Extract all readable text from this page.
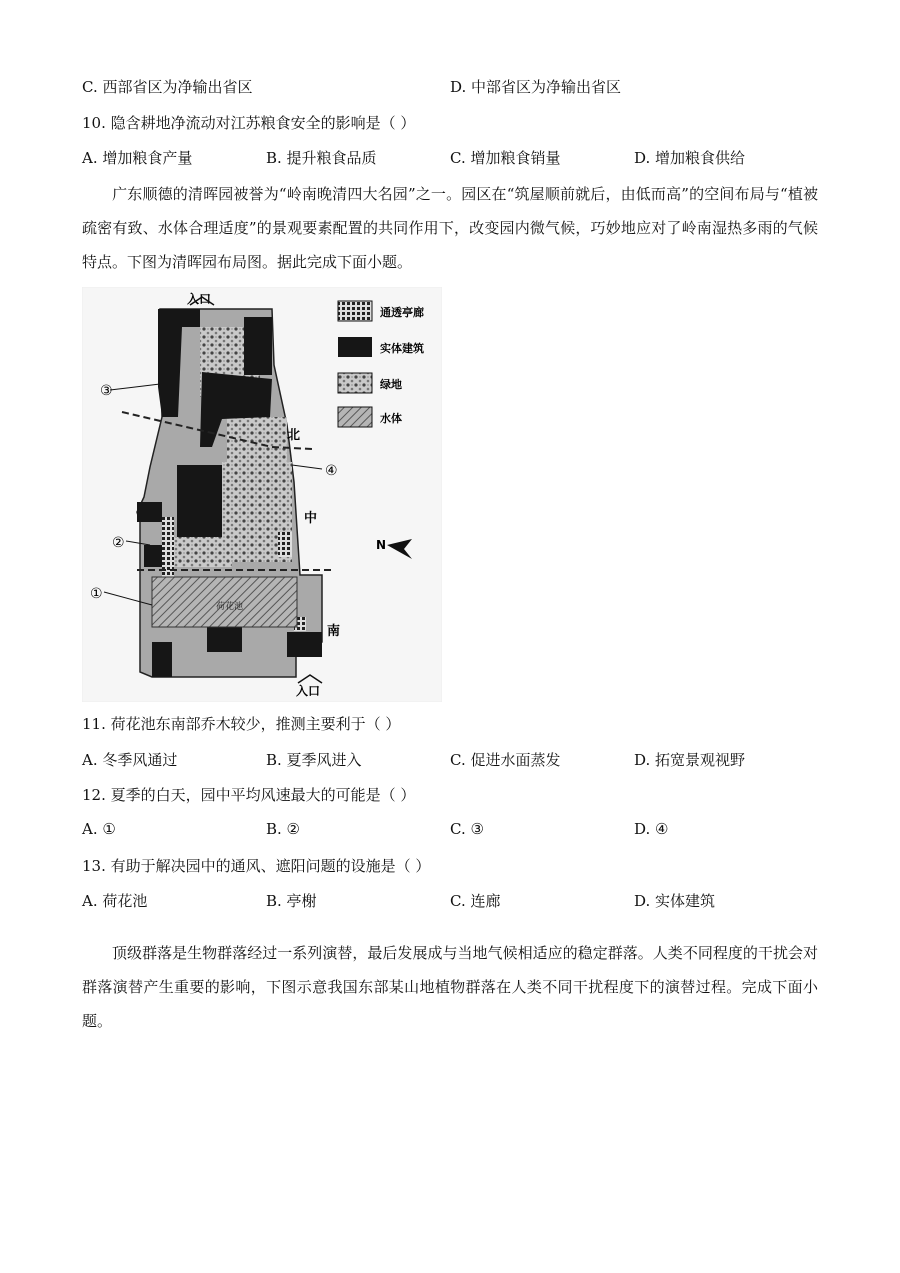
C. 西部省区为净输出省区	D. 中部省区为净输出省区
10. 隐含耕地净流动对江苏粮食安全的影响是（ ）
A. 增加粮食产量	B. 提升粮食品质	C. 增加粮食销量	D. 增加粮食供给
广东顺德的清晖园被誉为“岭南晚清四大名园”之一。园区在“筑屋顺前就后，由低而高”的空间布局与“植被疏密有致、水体合理适度”的景观要素配置的共同作用下，改变园内微气候，巧妙地应对了岭南湿热多雨的气候特点。下图为清晖园布局图。据此完成下面小题。
荷花池
入口
入口
北
中
南
N
③
④
②
①
通透亭廊
实体建筑
绿地
水体
11. 荷花池东南部乔木较少，推测主要利于（ ）
A. 冬季风通过	B. 夏季风进入	C. 促进水面蒸发	D. 拓宽景观视野
12. 夏季的白天，园中平均风速最大的可能是（ ）
A. ①	B. ②	C. ③	D. ④
13. 有助于解决园中的通风、遮阳问题的设施是（ ）
A. 荷花池	B. 亭榭	C. 连廊	D. 实体建筑
顶级群落是生物群落经过一系列演替，最后发展成与当地气候相适应的稳定群落。人类不同程度的干扰会对群落演替产生重要的影响，下图示意我国东部某山地植物群落在人类不同干扰程度下的演替过程。完成下面小题。
